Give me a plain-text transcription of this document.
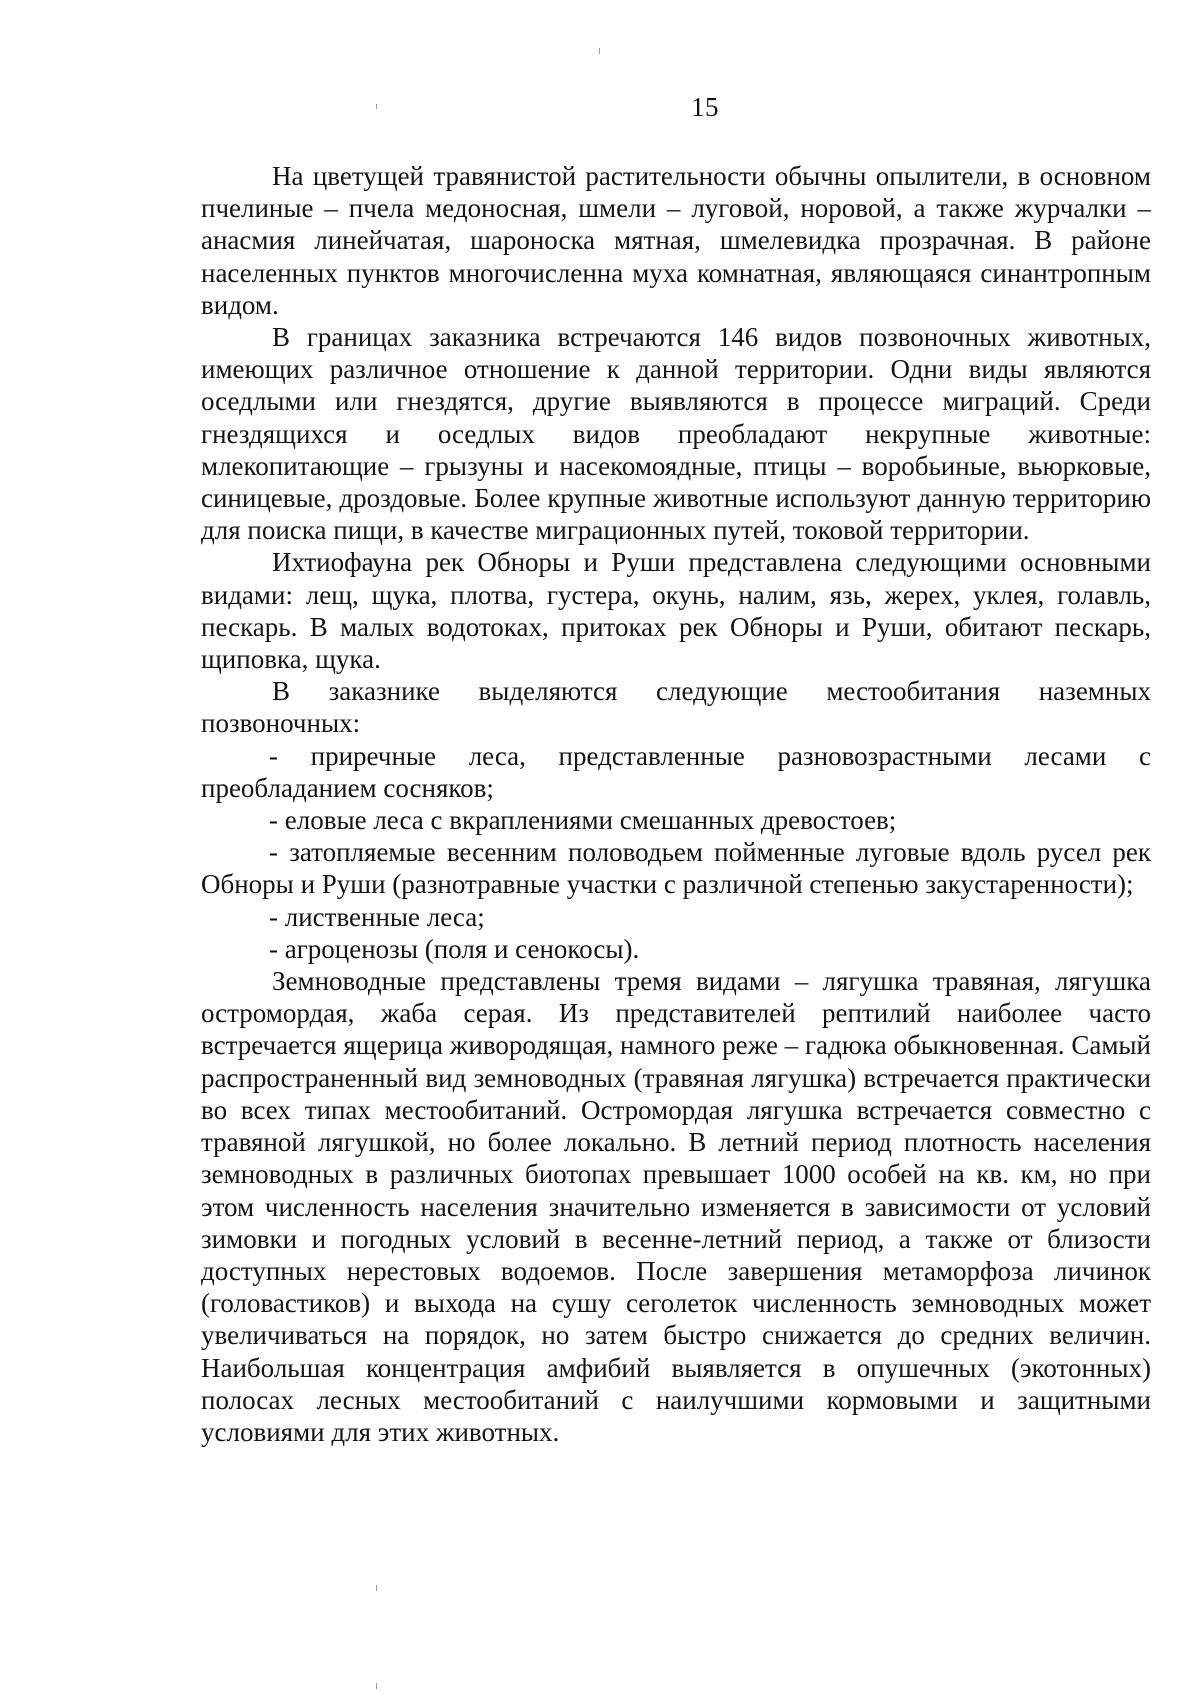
15

На цветущей травянистой растительности обычны опылители, в основном пчелиные – пчела медоносная, шмели – луговой, норовой, а также журчалки – анасмия линейчатая, шароноска мятная, шмелевидка прозрачная. В районе населенных пунктов многочисленна муха комнатная, являющаяся синантропным видом.

В границах заказника встречаются 146 видов позвоночных животных, имеющих различное отношение к данной территории. Одни виды являются оседлыми или гнездятся, другие выявляются в процессе миграций. Среди гнездящихся и оседлых видов преобладают некрупные животные: млекопитающие – грызуны и насекомоядные, птицы – воробьиные, вьюрковые, синицевые, дроздовые. Более крупные животные используют данную территорию для поиска пищи, в качестве миграционных путей, токовой территории.

Ихтиофауна рек Обноры и Руши представлена следующими основными видами: лещ, щука, плотва, густера, окунь, налим, язь, жерех, уклея, голавль, пескарь. В малых водотоках, притоках рек Обноры и Руши, обитают пескарь, щиповка, щука.

В заказнике выделяются следующие местообитания наземных позвоночных:

- приречные леса, представленные разновозрастными лесами с преобладанием сосняков;

- еловые леса с вкраплениями смешанных древостоев;

- затопляемые весенним половодьем пойменные луговые вдоль русел рек Обноры и Руши (разнотравные участки с различной степенью закустаренности);

- лиственные леса;

- агроценозы (поля и сенокосы).

Земноводные представлены тремя видами – лягушка травяная, лягушка остромордая, жаба серая. Из представителей рептилий наиболее часто встречается ящерица живородящая, намного реже – гадюка обыкновенная. Самый распространенный вид земноводных (травяная лягушка) встречается практически во всех типах местообитаний. Остромордая лягушка встречается совместно с травяной лягушкой, но более локально. В летний период плотность населения земноводных в различных биотопах превышает 1000 особей на кв. км, но при этом численность населения значительно изменяется в зависимости от условий зимовки и погодных условий в весенне-летний период, а также от близости доступных нерестовых водоемов. После завершения метаморфоза личинок (головастиков) и выхода на сушу сеголеток численность земноводных может увеличиваться на порядок, но затем быстро снижается до средних величин. Наибольшая концентрация амфибий выявляется в опушечных (экотонных) полосах лесных местообитаний с наилучшими кормовыми и защитными условиями для этих животных.
